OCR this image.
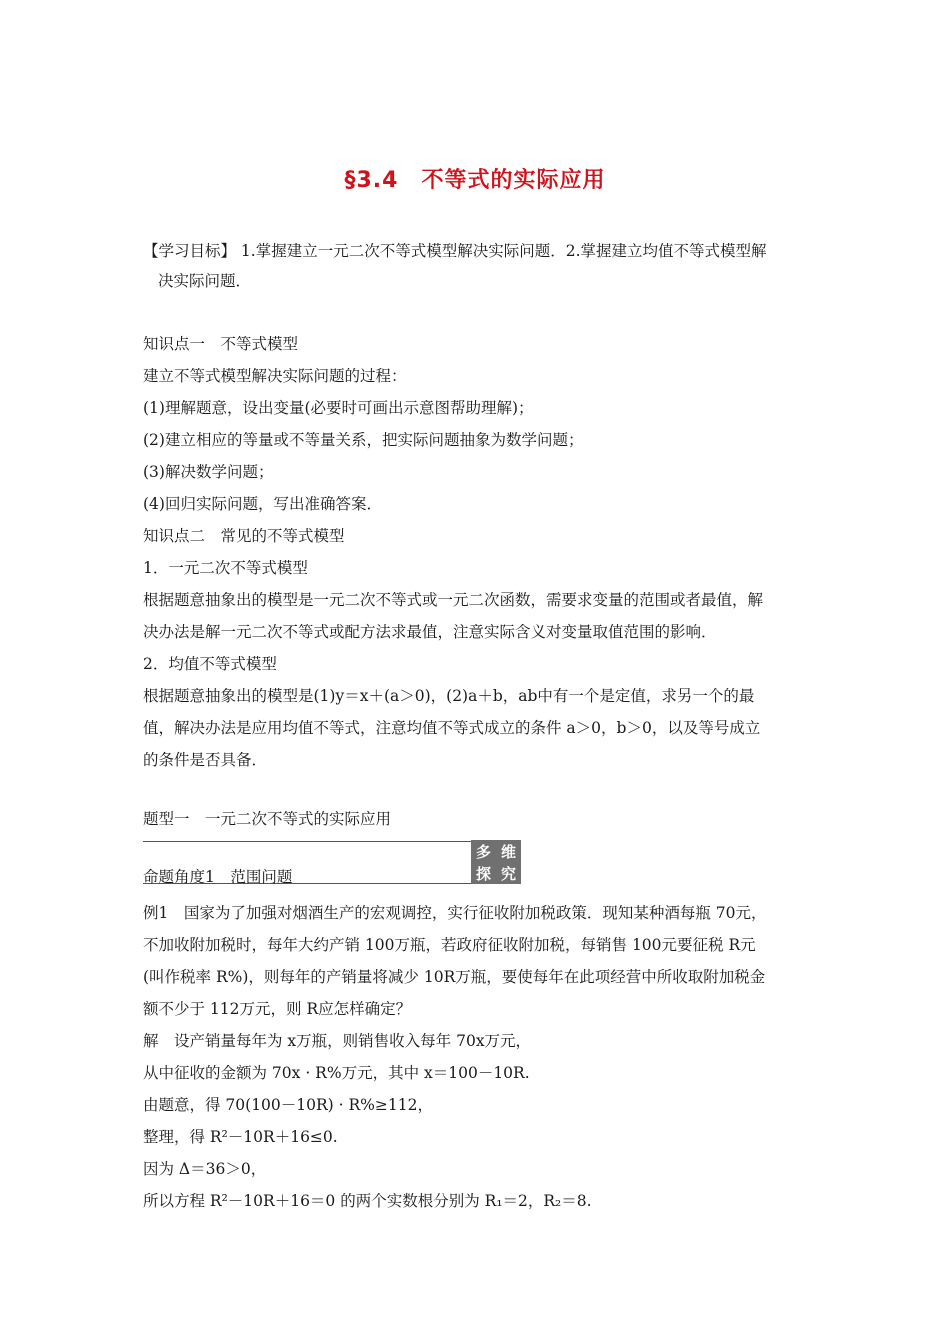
§3.4　不等式的实际应用
【学习目标】 1.掌握建立一元二次不等式模型解决实际问题．2.掌握建立均值不等式模型解
决实际问题．
知识点一　不等式模型
建立不等式模型解决实际问题的过程：
(1)理解题意，设出变量(必要时可画出示意图帮助理解)；
(2)建立相应的等量或不等量关系，把实际问题抽象为数学问题；
(3)解决数学问题；
(4)回归实际问题，写出准确答案．
知识点二　常见的不等式模型
1．一元二次不等式模型
根据题意抽象出的模型是一元二次不等式或一元二次函数，需要求变量的范围或者最值，解
决办法是解一元二次不等式或配方法求最值，注意实际含义对变量取值范围的影响．
2．均值不等式模型
根据题意抽象出的模型是(1)y＝x＋(a＞0)，(2)a＋b，ab中有一个是定值，求另一个的最
值，解决办法是应用均值不等式，注意均值不等式成立的条件 a＞0，b＞0，以及等号成立
的条件是否具备．
题型一　一元二次不等式的实际应用
多 维
探 究
命题角度1　范围问题
例1　国家为了加强对烟酒生产的宏观调控，实行征收附加税政策．现知某种酒每瓶 70元，
不加收附加税时，每年大约产销 100万瓶，若政府征收附加税，每销售 100元要征税 R元
(叫作税率 R%)，则每年的产销量将减少 10R万瓶，要使每年在此项经营中所收取附加税金
额不少于 112万元，则 R应怎样确定？
解　设产销量每年为 x万瓶，则销售收入每年 70x万元，
从中征收的金额为 70x · R%万元，其中 x＝100－10R.
由题意，得 70(100－10R) · R%≥112，
整理，得 R²－10R＋16≤0.
因为 Δ＝36＞0，
所以方程 R²－10R＋16＝0 的两个实数根分别为 R₁＝2，R₂＝8.
